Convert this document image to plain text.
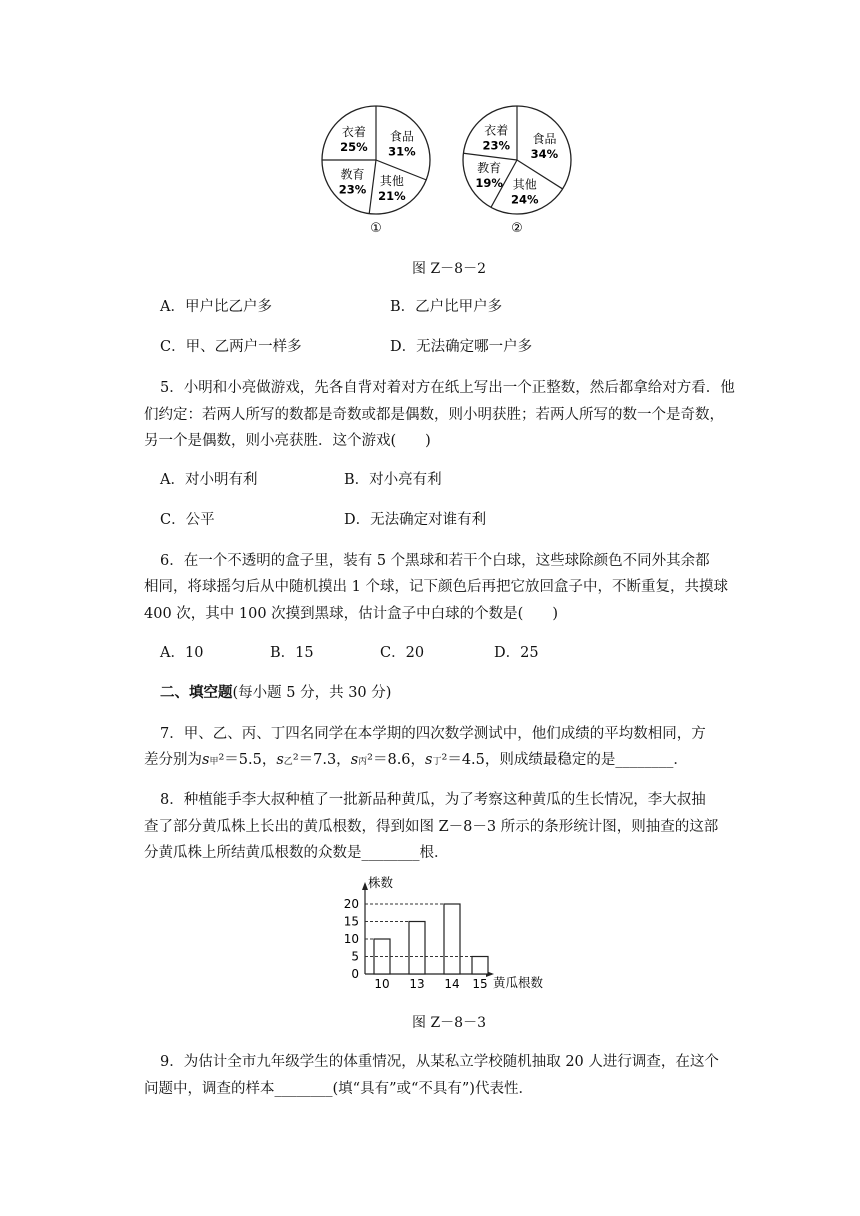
食品
31%
其他
21%
教育
23%
衣着
25%
食品
34%
其他
24%
教育
19%
衣着
23%
①	②
图 Z－8－2
A．甲户比乙户多	B．乙户比甲户多
C．甲、乙两户一样多	D．无法确定哪一户多
5．小明和小亮做游戏，先各自背对着对方在纸上写出一个正整数，然后都拿给对方看．他
们约定：若两人所写的数都是奇数或都是偶数，则小明获胜；若两人所写的数一个是奇数，
另一个是偶数，则小亮获胜．这个游戏(　　)
A．对小明有利	B．对小亮有利
C．公平	D．无法确定对谁有利
6．在一个不透明的盒子里，装有 5 个黑球和若干个白球，这些球除颜色不同外其余都
相同，将球摇匀后从中随机摸出 1 个球，记下颜色后再把它放回盒子中，不断重复，共摸球
400 次，其中 100 次摸到黑球，估计盒子中白球的个数是(　　)
A．10	B．15	C．20	D．25
二、填空题(每小题 5 分，共 30 分)
7．甲、乙、丙、丁四名同学在本学期的四次数学测试中，他们成绩的平均数相同，方
差分别为s甲²＝5.5，s乙²＝7.3，s丙²＝8.6，s丁²＝4.5，则成绩最稳定的是________．
8．种植能手李大叔种植了一批新品种黄瓜，为了考察这种黄瓜的生长情况，李大叔抽
查了部分黄瓜株上长出的黄瓜根数，得到如图 Z－8－3 所示的条形统计图，则抽查的这部
分黄瓜株上所结黄瓜根数的众数是________根．
株数
黄瓜根数
0
5
10
15
20
10 13 14 15
图 Z－8－3
9．为估计全市九年级学生的体重情况，从某私立学校随机抽取 20 人进行调查，在这个
问题中，调查的样本________(填“具有”或“不具有”)代表性．
